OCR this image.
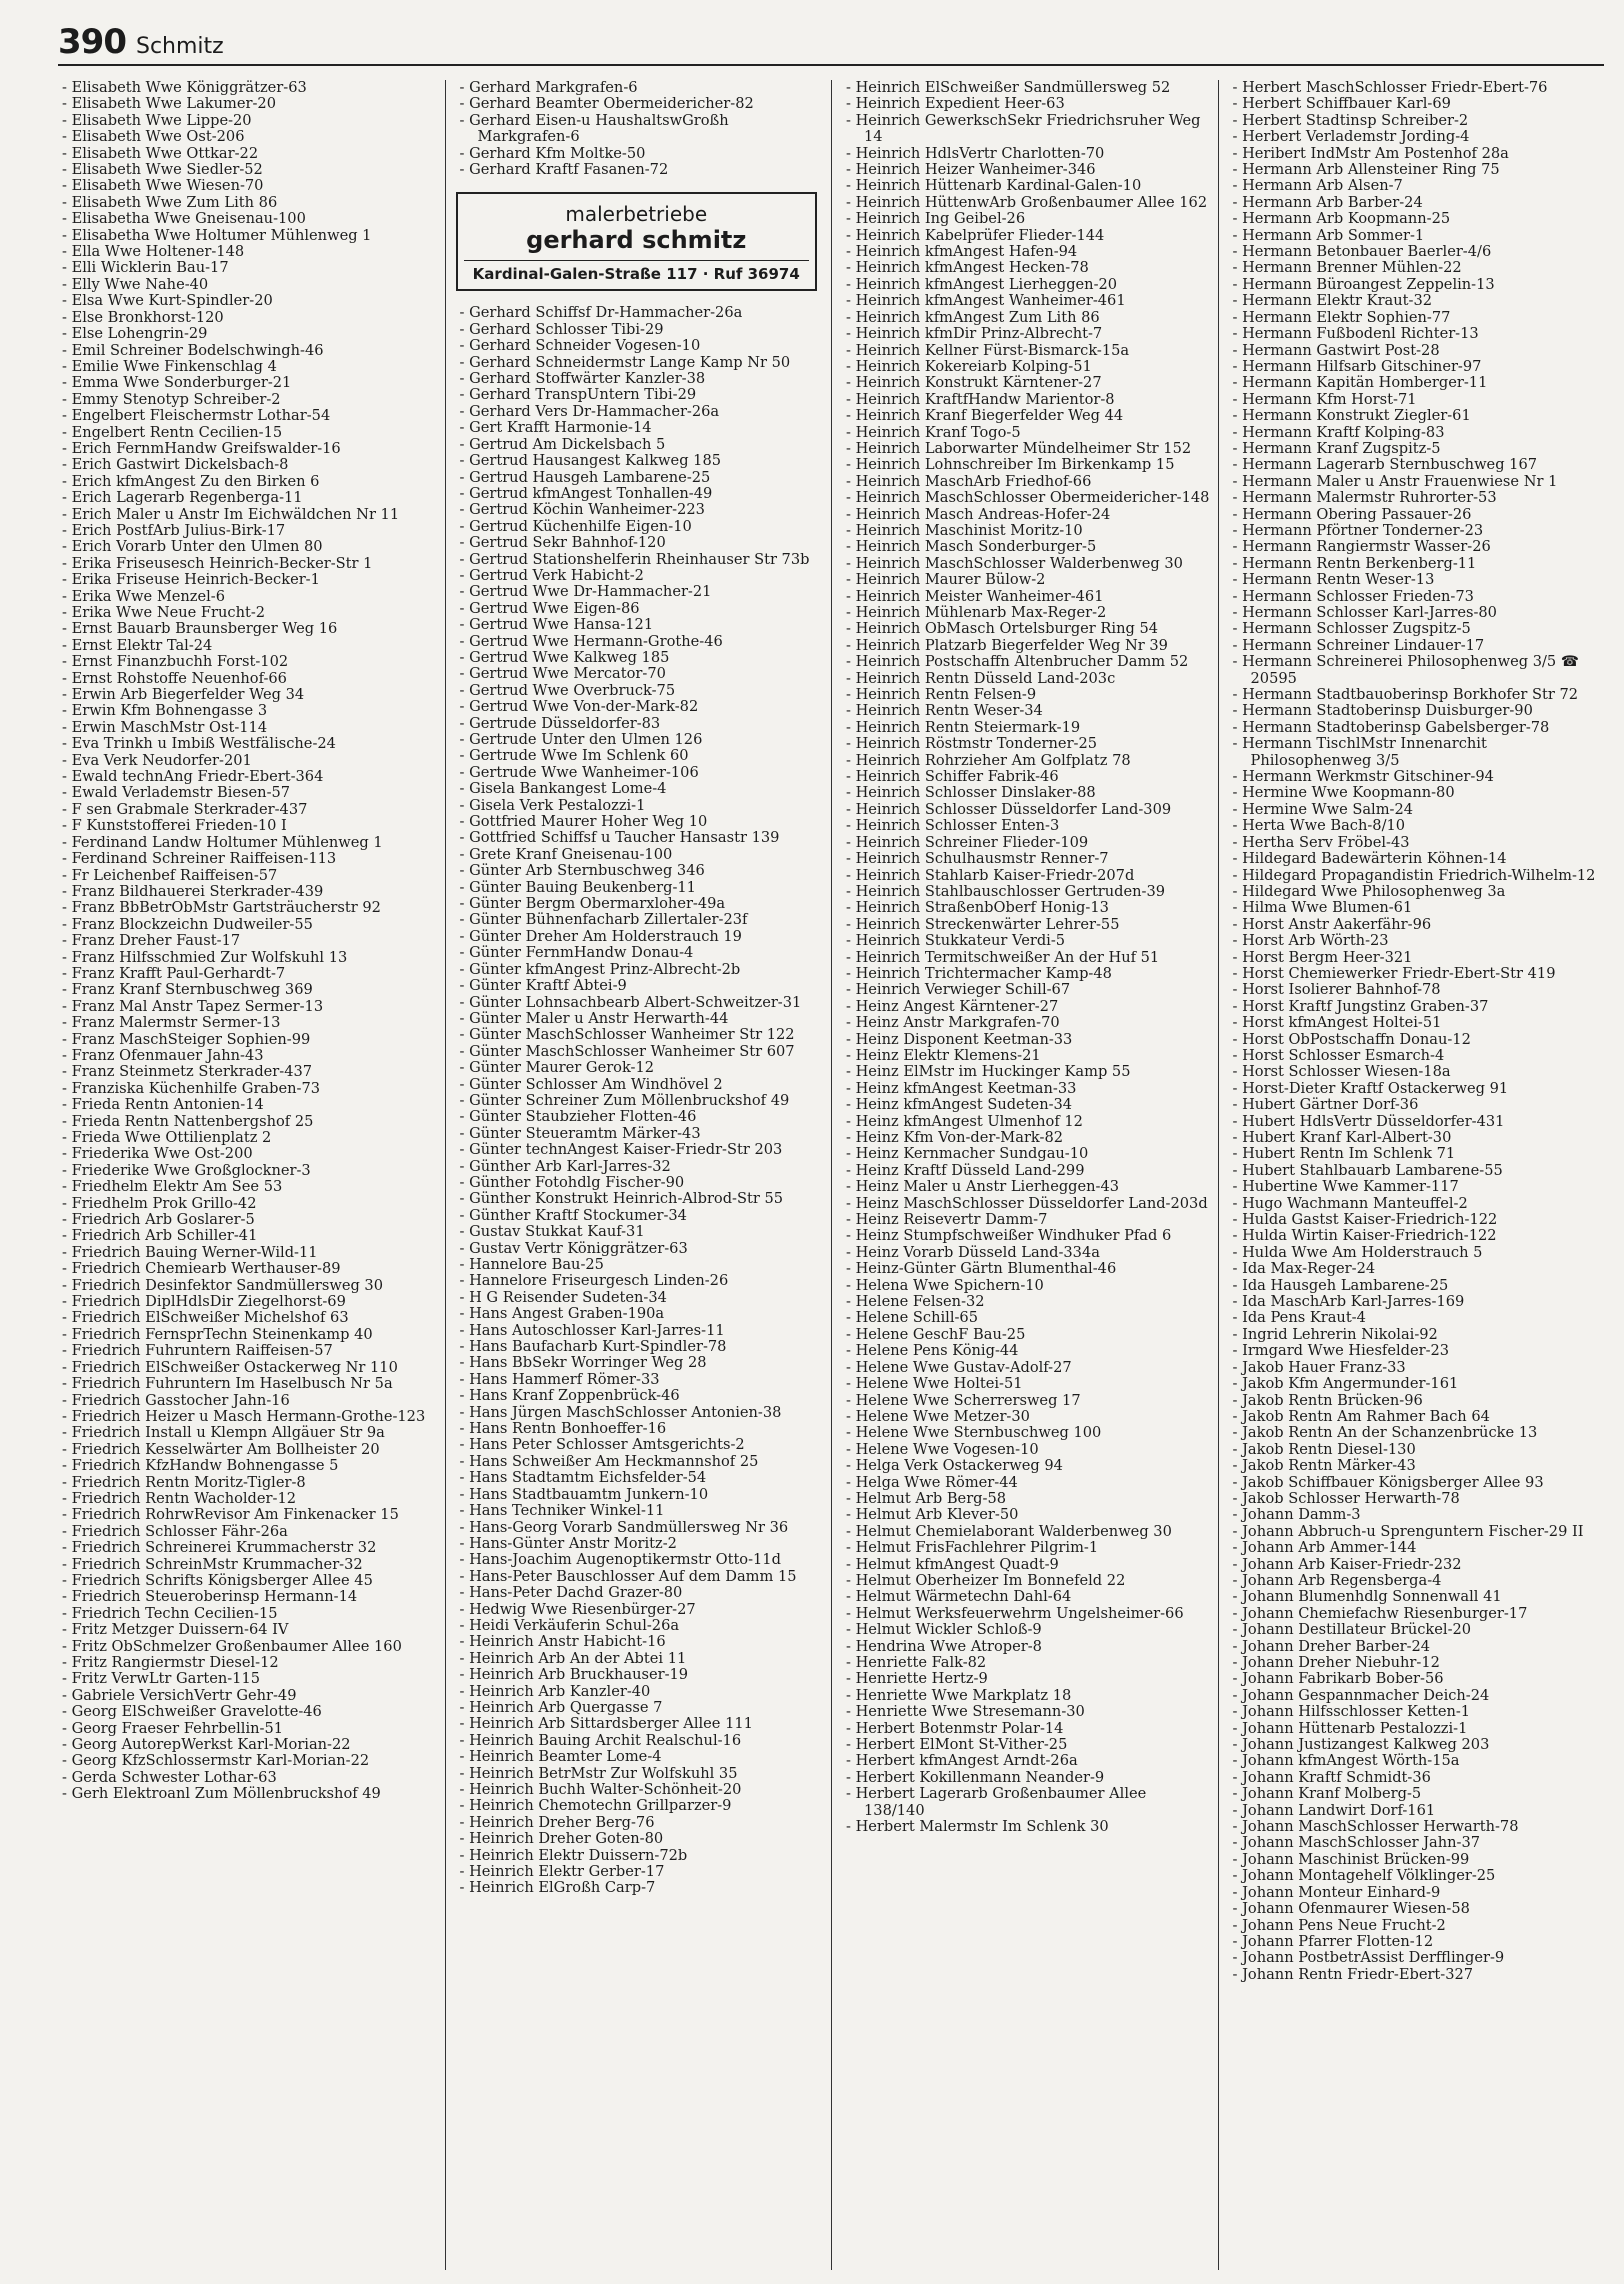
390 Schmitz
- Elisabeth Wwe Königgrätzer-63
- Elisabeth Wwe Lakumer-20
- Elisabeth Wwe Lippe-20
- Elisabeth Wwe Ost-206
- Elisabeth Wwe Ottkar-22
- Elisabeth Wwe Siedler-52
- Elisabeth Wwe Wiesen-70
- Elisabeth Wwe Zum Lith 86
- Elisabetha Wwe Gneisenau-100
- Elisabetha Wwe Holtumer Mühlenweg 1
- Ella Wwe Holtener-148
- Elli Wicklerin Bau-17
- Elly Wwe Nahe-40
- Elsa Wwe Kurt-Spindler-20
- Else Bronkhorst-120
- Else Lohengrin-29
- Emil Schreiner Bodelschwingh-46
- Emilie Wwe Finkenschlag 4
- Emma Wwe Sonderburger-21
- Emmy Stenotyp Schreiber-2
- Engelbert Fleischermstr Lothar-54
- Engelbert Rentn Cecilien-15
- Erich FernmHandw Greifswalder-16
- Erich Gastwirt Dickelsbach-8
- Erich kfmAngest Zu den Birken 6
- Erich Lagerarb Regenberga-11
- Erich Maler u Anstr Im Eichwäldchen Nr 11
- Erich PostfArb Julius-Birk-17
- Erich Vorarb Unter den Ulmen 80
- Erika Friseusesch Heinrich-Becker-Str 1
- Erika Friseuse Heinrich-Becker-1
- Erika Wwe Menzel-6
- Erika Wwe Neue Frucht-2
- Ernst Bauarb Braunsberger Weg 16
- Ernst Elektr Tal-24
- Ernst Finanzbuchh Forst-102
- Ernst Rohstoffe Neuenhof-66
- Erwin Arb Biegerfelder Weg 34
- Erwin Kfm Bohnengasse 3
- Erwin MaschMstr Ost-114
- Eva Trinkh u Imbiß Westfälische-24
- Eva Verk Neudorfer-201
- Ewald technAng Friedr-Ebert-364
- Ewald Verlademstr Biesen-57
- F sen Grabmale Sterkrader-437
- F Kunststofferei Frieden-10 I
- Ferdinand Landw Holtumer Mühlenweg 1
- Ferdinand Schreiner Raiffeisen-113
- Fr Leichenbef Raiffeisen-57
- Franz Bildhauerei Sterkrader-439
- Franz BbBetrObMstr Gartsträucherstr 92
- Franz Blockzeichn Dudweiler-55
- Franz Dreher Faust-17
- Franz Hilfsschmied Zur Wolfskuhl 13
- Franz Krafft Paul-Gerhardt-7
- Franz Kranf Sternbuschweg 369
- Franz Mal Anstr Tapez Sermer-13
- Franz Malermstr Sermer-13
- Franz MaschSteiger Sophien-99
- Franz Ofenmauer Jahn-43
- Franz Steinmetz Sterkrader-437
- Franziska Küchenhilfe Graben-73
- Frieda Rentn Antonien-14
- Frieda Rentn Nattenbergshof 25
- Frieda Wwe Ottilienplatz 2
- Friederika Wwe Ost-200
- Friederike Wwe Großglockner-3
- Friedhelm Elektr Am See 53
- Friedhelm Prok Grillo-42
- Friedrich Arb Goslarer-5
- Friedrich Arb Schiller-41
- Friedrich Bauing Werner-Wild-11
- Friedrich Chemiearb Werthauser-89
- Friedrich Desinfektor Sandmüllersweg 30
- Friedrich DiplHdlsDir Ziegelhorst-69
- Friedrich ElSchweißer Michelshof 63
- Friedrich FernsprTechn Steinenkamp 40
- Friedrich Fuhruntern Raiffeisen-57
- Friedrich ElSchweißer Ostackerweg Nr 110
- Friedrich Fuhruntern Im Haselbusch Nr 5a
- Friedrich Gasstocher Jahn-16
- Friedrich Heizer u Masch Hermann-Grothe-123
- Friedrich Install u Klempn Allgäuer Str 9a
- Friedrich Kesselwärter Am Bollheister 20
- Friedrich KfzHandw Bohnengasse 5
- Friedrich Rentn Moritz-Tigler-8
- Friedrich Rentn Wacholder-12
- Friedrich RohrwRevisor Am Finkenacker 15
- Friedrich Schlosser Fähr-26a
- Friedrich Schreinerei Krummacherstr 32
- Friedrich SchreinMstr Krummacher-32
- Friedrich Schrifts Königsberger Allee 45
- Friedrich Steueroberinsp Hermann-14
- Friedrich Techn Cecilien-15
- Fritz Metzger Duissern-64 IV
- Fritz ObSchmelzer Großenbaumer Allee 160
- Fritz Rangiermstr Diesel-12
- Fritz VerwLtr Garten-115
- Gabriele VersichVertr Gehr-49
- Georg ElSchweißer Gravelotte-46
- Georg Fraeser Fehrbellin-51
- Georg AutorepWerkst Karl-Morian-22
- Georg KfzSchlossermstr Karl-Morian-22
- Gerda Schwester Lothar-63
- Gerh Elektroanl Zum Möllenbruckshof 49
- Gerhard Markgrafen-6
- Gerhard Beamter Obermeidericher-82
- Gerhard Eisen-u HaushaltswGroßh Markgrafen-6
- Gerhard Kfm Moltke-50
- Gerhard Kraftf Fasanen-72
malerbetriebe
gerhard schmitz
Kardinal-Galen-Straße 117 · Ruf 36974
- Gerhard Schiffsf Dr-Hammacher-26a
- Gerhard Schlosser Tibi-29
- Gerhard Schneider Vogesen-10
- Gerhard Schneidermstr Lange Kamp Nr 50
- Gerhard Stoffwärter Kanzler-38
- Gerhard TranspUntern Tibi-29
- Gerhard Vers Dr-Hammacher-26a
- Gert Krafft Harmonie-14
- Gertrud Am Dickelsbach 5
- Gertrud Hausangest Kalkweg 185
- Gertrud Hausgeh Lambarene-25
- Gertrud kfmAngest Tonhallen-49
- Gertrud Köchin Wanheimer-223
- Gertrud Küchenhilfe Eigen-10
- Gertrud Sekr Bahnhof-120
- Gertrud Stationshelferin Rheinhauser Str 73b
- Gertrud Verk Habicht-2
- Gertrud Wwe Dr-Hammacher-21
- Gertrud Wwe Eigen-86
- Gertrud Wwe Hansa-121
- Gertrud Wwe Hermann-Grothe-46
- Gertrud Wwe Kalkweg 185
- Gertrud Wwe Mercator-70
- Gertrud Wwe Overbruck-75
- Gertrud Wwe Von-der-Mark-82
- Gertrude Düsseldorfer-83
- Gertrude Unter den Ulmen 126
- Gertrude Wwe Im Schlenk 60
- Gertrude Wwe Wanheimer-106
- Gisela Bankangest Lome-4
- Gisela Verk Pestalozzi-1
- Gottfried Maurer Hoher Weg 10
- Gottfried Schiffsf u Taucher Hansastr 139
- Grete Kranf Gneisenau-100
- Günter Arb Sternbuschweg 346
- Günter Bauing Beukenberg-11
- Günter Bergm Obermarxloher-49a
- Günter Bühnenfacharb Zillertaler-23f
- Günter Dreher Am Holderstrauch 19
- Günter FernmHandw Donau-4
- Günter kfmAngest Prinz-Albrecht-2b
- Günter Kraftf Abtei-9
- Günter Lohnsachbearb Albert-Schweitzer-31
- Günter Maler u Anstr Herwarth-44
- Günter MaschSchlosser Wanheimer Str 122
- Günter MaschSchlosser Wanheimer Str 607
- Günter Maurer Gerok-12
- Günter Schlosser Am Windhövel 2
- Günter Schreiner Zum Möllenbruckshof 49
- Günter Staubzieher Flotten-46
- Günter Steueramtm Märker-43
- Günter technAngest Kaiser-Friedr-Str 203
- Günther Arb Karl-Jarres-32
- Günther Fotohdlg Fischer-90
- Günther Konstrukt Heinrich-Albrod-Str 55
- Günther Kraftf Stockumer-34
- Gustav Stukkat Kauf-31
- Gustav Vertr Königgrätzer-63
- Hannelore Bau-25
- Hannelore Friseurgesch Linden-26
- H G Reisender Sudeten-34
- Hans Angest Graben-190a
- Hans Autoschlosser Karl-Jarres-11
- Hans Baufacharb Kurt-Spindler-78
- Hans BbSekr Worringer Weg 28
- Hans Hammerf Römer-33
- Hans Kranf Zoppenbrück-46
- Hans Jürgen MaschSchlosser Antonien-38
- Hans Rentn Bonhoeffer-16
- Hans Peter Schlosser Amtsgerichts-2
- Hans Schweißer Am Heckmannshof 25
- Hans Stadtamtm Eichsfelder-54
- Hans Stadtbauamtm Junkern-10
- Hans Techniker Winkel-11
- Hans-Georg Vorarb Sandmüllersweg Nr 36
- Hans-Günter Anstr Moritz-2
- Hans-Joachim Augenoptikermstr Otto-11d
- Hans-Peter Bauschlosser Auf dem Damm 15
- Hans-Peter Dachd Grazer-80
- Hedwig Wwe Riesenbürger-27
- Heidi Verkäuferin Schul-26a
- Heinrich Anstr Habicht-16
- Heinrich Arb An der Abtei 11
- Heinrich Arb Bruckhauser-19
- Heinrich Arb Kanzler-40
- Heinrich Arb Quergasse 7
- Heinrich Arb Sittardsberger Allee 111
- Heinrich Bauing Archit Realschul-16
- Heinrich Beamter Lome-4
- Heinrich BetrMstr Zur Wolfskuhl 35
- Heinrich Buchh Walter-Schönheit-20
- Heinrich Chemotechn Grillparzer-9
- Heinrich Dreher Berg-76
- Heinrich Dreher Goten-80
- Heinrich Elektr Duissern-72b
- Heinrich Elektr Gerber-17
- Heinrich ElGroßh Carp-7
- Heinrich ElSchweißer Sandmüllersweg 52
- Heinrich Expedient Heer-63
- Heinrich GewerkschSekr Friedrichsruher Weg 14
- Heinrich HdlsVertr Charlotten-70
- Heinrich Heizer Wanheimer-346
- Heinrich Hüttenarb Kardinal-Galen-10
- Heinrich HüttenwArb Großenbaumer Allee 162
- Heinrich Ing Geibel-26
- Heinrich Kabelprüfer Flieder-144
- Heinrich kfmAngest Hafen-94
- Heinrich kfmAngest Hecken-78
- Heinrich kfmAngest Lierheggen-20
- Heinrich kfmAngest Wanheimer-461
- Heinrich kfmAngest Zum Lith 86
- Heinrich kfmDir Prinz-Albrecht-7
- Heinrich Kellner Fürst-Bismarck-15a
- Heinrich Kokereiarb Kolping-51
- Heinrich Konstrukt Kärntener-27
- Heinrich KraftfHandw Marientor-8
- Heinrich Kranf Biegerfelder Weg 44
- Heinrich Kranf Togo-5
- Heinrich Laborwarter Mündelheimer Str 152
- Heinrich Lohnschreiber Im Birkenkamp 15
- Heinrich MaschArb Friedhof-66
- Heinrich MaschSchlosser Obermeidericher-148
- Heinrich Masch Andreas-Hofer-24
- Heinrich Maschinist Moritz-10
- Heinrich Masch Sonderburger-5
- Heinrich MaschSchlosser Walderbenweg 30
- Heinrich Maurer Bülow-2
- Heinrich Meister Wanheimer-461
- Heinrich Mühlenarb Max-Reger-2
- Heinrich ObMasch Ortelsburger Ring 54
- Heinrich Platzarb Biegerfelder Weg Nr 39
- Heinrich Postschaffn Altenbrucher Damm 52
- Heinrich Rentn Düsseld Land-203c
- Heinrich Rentn Felsen-9
- Heinrich Rentn Weser-34
- Heinrich Rentn Steiermark-19
- Heinrich Röstmstr Tonderner-25
- Heinrich Rohrzieher Am Golfplatz 78
- Heinrich Schiffer Fabrik-46
- Heinrich Schlosser Dinslaker-88
- Heinrich Schlosser Düsseldorfer Land-309
- Heinrich Schlosser Enten-3
- Heinrich Schreiner Flieder-109
- Heinrich Schulhausmstr Renner-7
- Heinrich Stahlarb Kaiser-Friedr-207d
- Heinrich Stahlbauschlosser Gertruden-39
- Heinrich StraßenbOberf Honig-13
- Heinrich Streckenwärter Lehrer-55
- Heinrich Stukkateur Verdi-5
- Heinrich Termitschweißer An der Huf 51
- Heinrich Trichtermacher Kamp-48
- Heinrich Verwieger Schill-67
- Heinz Angest Kärntener-27
- Heinz Anstr Markgrafen-70
- Heinz Disponent Keetman-33
- Heinz Elektr Klemens-21
- Heinz ElMstr im Huckinger Kamp 55
- Heinz kfmAngest Keetman-33
- Heinz kfmAngest Sudeten-34
- Heinz kfmAngest Ulmenhof 12
- Heinz Kfm Von-der-Mark-82
- Heinz Kernmacher Sundgau-10
- Heinz Kraftf Düsseld Land-299
- Heinz Maler u Anstr Lierheggen-43
- Heinz MaschSchlosser Düsseldorfer Land-203d
- Heinz Reisevertr Damm-7
- Heinz Stumpfschweißer Windhuker Pfad 6
- Heinz Vorarb Düsseld Land-334a
- Heinz-Günter Gärtn Blumenthal-46
- Helena Wwe Spichern-10
- Helene Felsen-32
- Helene Schill-65
- Helene GeschF Bau-25
- Helene Pens König-44
- Helene Wwe Gustav-Adolf-27
- Helene Wwe Holtei-51
- Helene Wwe Scherrersweg 17
- Helene Wwe Metzer-30
- Helene Wwe Sternbuschweg 100
- Helene Wwe Vogesen-10
- Helga Verk Ostackerweg 94
- Helga Wwe Römer-44
- Helmut Arb Berg-58
- Helmut Arb Klever-50
- Helmut Chemielaborant Walderbenweg 30
- Helmut FrisFachlehrer Pilgrim-1
- Helmut kfmAngest Quadt-9
- Helmut Oberheizer Im Bonnefeld 22
- Helmut Wärmetechn Dahl-64
- Helmut Werksfeuerwehrm Ungelsheimer-66
- Helmut Wickler Schloß-9
- Hendrina Wwe Atroper-8
- Henriette Falk-82
- Henriette Hertz-9
- Henriette Wwe Markplatz 18
- Henriette Wwe Stresemann-30
- Herbert Botenmstr Polar-14
- Herbert ElMont St-Vither-25
- Herbert kfmAngest Arndt-26a
- Herbert Kokillenmann Neander-9
- Herbert Lagerarb Großenbaumer Allee 138/140
- Herbert Malermstr Im Schlenk 30
- Herbert MaschSchlosser Friedr-Ebert-76
- Herbert Schiffbauer Karl-69
- Herbert Stadtinsp Schreiber-2
- Herbert Verlademstr Jording-4
- Heribert IndMstr Am Postenhof 28a
- Hermann Arb Allensteiner Ring 75
- Hermann Arb Alsen-7
- Hermann Arb Barber-24
- Hermann Arb Koopmann-25
- Hermann Arb Sommer-1
- Hermann Betonbauer Baerler-4/6
- Hermann Brenner Mühlen-22
- Hermann Büroangest Zeppelin-13
- Hermann Elektr Kraut-32
- Hermann Elektr Sophien-77
- Hermann Fußbodenl Richter-13
- Hermann Gastwirt Post-28
- Hermann Hilfsarb Gitschiner-97
- Hermann Kapitän Homberger-11
- Hermann Kfm Horst-71
- Hermann Konstrukt Ziegler-61
- Hermann Kraftf Kolping-83
- Hermann Kranf Zugspitz-5
- Hermann Lagerarb Sternbuschweg 167
- Hermann Maler u Anstr Frauenwiese Nr 1
- Hermann Malermstr Ruhrorter-53
- Hermann Obering Passauer-26
- Hermann Pförtner Tonderner-23
- Hermann Rangiermstr Wasser-26
- Hermann Rentn Berkenberg-11
- Hermann Rentn Weser-13
- Hermann Schlosser Frieden-73
- Hermann Schlosser Karl-Jarres-80
- Hermann Schlosser Zugspitz-5
- Hermann Schreiner Lindauer-17
- Hermann Schreinerei Philosophenweg 3/5 ☎ 20595
- Hermann Stadtbauoberinsp Borkhofer Str 72
- Hermann Stadtoberinsp Duisburger-90
- Hermann Stadtoberinsp Gabelsberger-78
- Hermann TischlMstr Innenarchit Philosophenweg 3/5
- Hermann Werkmstr Gitschiner-94
- Hermine Wwe Koopmann-80
- Hermine Wwe Salm-24
- Herta Wwe Bach-8/10
- Hertha Serv Fröbel-43
- Hildegard Badewärterin Köhnen-14
- Hildegard Propagandistin Friedrich-Wilhelm-12
- Hildegard Wwe Philosophenweg 3a
- Hilma Wwe Blumen-61
- Horst Anstr Aakerfähr-96
- Horst Arb Wörth-23
- Horst Bergm Heer-321
- Horst Chemiewerker Friedr-Ebert-Str 419
- Horst Isolierer Bahnhof-78
- Horst Kraftf Jungstinz Graben-37
- Horst kfmAngest Holtei-51
- Horst ObPostschaffn Donau-12
- Horst Schlosser Esmarch-4
- Horst Schlosser Wiesen-18a
- Horst-Dieter Kraftf Ostackerweg 91
- Hubert Gärtner Dorf-36
- Hubert HdlsVertr Düsseldorfer-431
- Hubert Kranf Karl-Albert-30
- Hubert Rentn Im Schlenk 71
- Hubert Stahlbauarb Lambarene-55
- Hubertine Wwe Kammer-117
- Hugo Wachmann Manteuffel-2
- Hulda Gastst Kaiser-Friedrich-122
- Hulda Wirtin Kaiser-Friedrich-122
- Hulda Wwe Am Holderstrauch 5
- Ida Max-Reger-24
- Ida Hausgeh Lambarene-25
- Ida MaschArb Karl-Jarres-169
- Ida Pens Kraut-4
- Ingrid Lehrerin Nikolai-92
- Irmgard Wwe Hiesfelder-23
- Jakob Hauer Franz-33
- Jakob Kfm Angermunder-161
- Jakob Rentn Brücken-96
- Jakob Rentn Am Rahmer Bach 64
- Jakob Rentn An der Schanzenbrücke 13
- Jakob Rentn Diesel-130
- Jakob Rentn Märker-43
- Jakob Schiffbauer Königsberger Allee 93
- Jakob Schlosser Herwarth-78
- Johann Damm-3
- Johann Abbruch-u Sprenguntern Fischer-29 II
- Johann Arb Ammer-144
- Johann Arb Kaiser-Friedr-232
- Johann Arb Regensberga-4
- Johann Blumenhdlg Sonnenwall 41
- Johann Chemiefachw Riesenburger-17
- Johann Destillateur Brückel-20
- Johann Dreher Barber-24
- Johann Dreher Niebuhr-12
- Johann Fabrikarb Bober-56
- Johann Gespannmacher Deich-24
- Johann Hilfsschlosser Ketten-1
- Johann Hüttenarb Pestalozzi-1
- Johann Justizangest Kalkweg 203
- Johann kfmAngest Wörth-15a
- Johann Kraftf Schmidt-36
- Johann Kranf Molberg-5
- Johann Landwirt Dorf-161
- Johann MaschSchlosser Herwarth-78
- Johann MaschSchlosser Jahn-37
- Johann Maschinist Brücken-99
- Johann Montagehelf Völklinger-25
- Johann Monteur Einhard-9
- Johann Ofenmaurer Wiesen-58
- Johann Pens Neue Frucht-2
- Johann Pfarrer Flotten-12
- Johann PostbetrAssist Derfflinger-9
- Johann Rentn Friedr-Ebert-327
